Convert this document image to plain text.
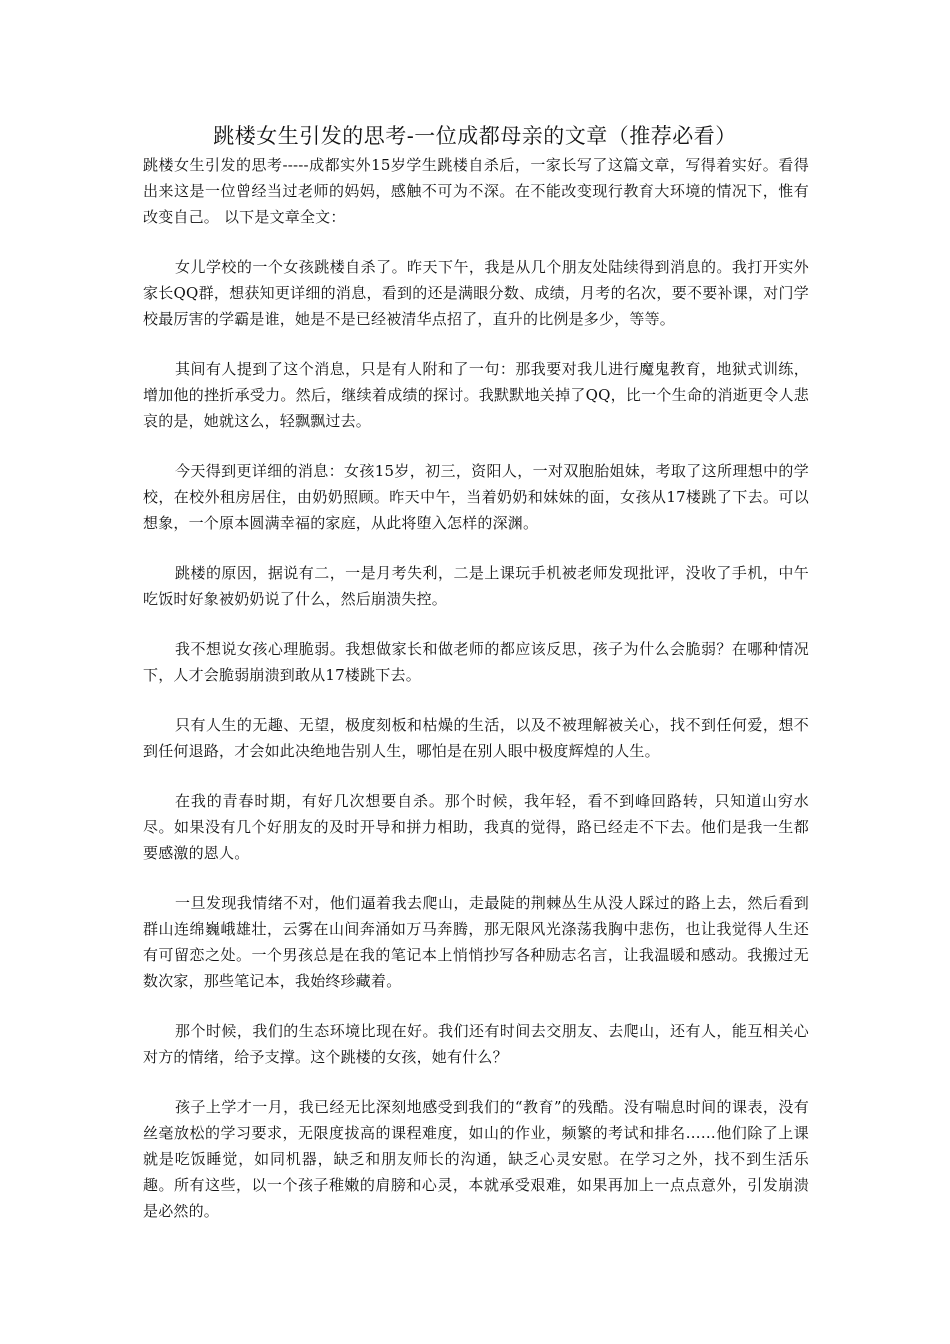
跳楼女生引发的思考-一位成都母亲的文章（推荐必看）

跳楼女生引发的思考-----成都实外15岁学生跳楼自杀后，一家长写了这篇文章，写得着实好。看得出来这是一位曾经当过老师的妈妈，感触不可为不深。在不能改变现行教育大环境的情况下，惟有改变自己。 以下是文章全文：

女儿学校的一个女孩跳楼自杀了。昨天下午，我是从几个朋友处陆续得到消息的。我打开实外家长QQ群，想获知更详细的消息，看到的还是满眼分数、成绩，月考的名次，要不要补课，对门学校最厉害的学霸是谁，她是不是已经被清华点招了，直升的比例是多少，等等。

其间有人提到了这个消息，只是有人附和了一句：那我要对我儿进行魔鬼教育，地狱式训练，增加他的挫折承受力。然后，继续着成绩的探讨。我默默地关掉了QQ，比一个生命的消逝更令人悲哀的是，她就这么，轻飘飘过去。

今天得到更详细的消息：女孩15岁，初三，资阳人，一对双胞胎姐妹，考取了这所理想中的学校，在校外租房居住，由奶奶照顾。昨天中午，当着奶奶和妹妹的面，女孩从17楼跳了下去。可以想象，一个原本圆满幸福的家庭，从此将堕入怎样的深渊。

跳楼的原因，据说有二，一是月考失利，二是上课玩手机被老师发现批评，没收了手机，中午吃饭时好象被奶奶说了什么，然后崩溃失控。

我不想说女孩心理脆弱。我想做家长和做老师的都应该反思，孩子为什么会脆弱？在哪种情况下，人才会脆弱崩溃到敢从17楼跳下去。

只有人生的无趣、无望，极度刻板和枯燥的生活，以及不被理解被关心，找不到任何爱，想不到任何退路，才会如此决绝地告别人生，哪怕是在别人眼中极度辉煌的人生。

在我的青春时期，有好几次想要自杀。那个时候，我年轻，看不到峰回路转，只知道山穷水尽。如果没有几个好朋友的及时开导和拼力相助，我真的觉得，路已经走不下去。他们是我一生都要感激的恩人。

一旦发现我情绪不对，他们逼着我去爬山，走最陡的荆棘丛生从没人踩过的路上去，然后看到群山连绵巍峨雄壮，云雾在山间奔涌如万马奔腾，那无限风光涤荡我胸中悲伤，也让我觉得人生还有可留恋之处。一个男孩总是在我的笔记本上悄悄抄写各种励志名言，让我温暖和感动。我搬过无数次家，那些笔记本，我始终珍藏着。

那个时候，我们的生态环境比现在好。我们还有时间去交朋友、去爬山，还有人，能互相关心对方的情绪，给予支撑。这个跳楼的女孩，她有什么？

孩子上学才一月，我已经无比深刻地感受到我们的“教育”的残酷。没有喘息时间的课表，没有丝毫放松的学习要求，无限度拔高的课程难度，如山的作业，频繁的考试和排名……他们除了上课就是吃饭睡觉，如同机器，缺乏和朋友师长的沟通，缺乏心灵安慰。在学习之外，找不到生活乐趣。所有这些，以一个孩子稚嫩的肩膀和心灵，本就承受艰难，如果再加上一点点意外，引发崩溃是必然的。
